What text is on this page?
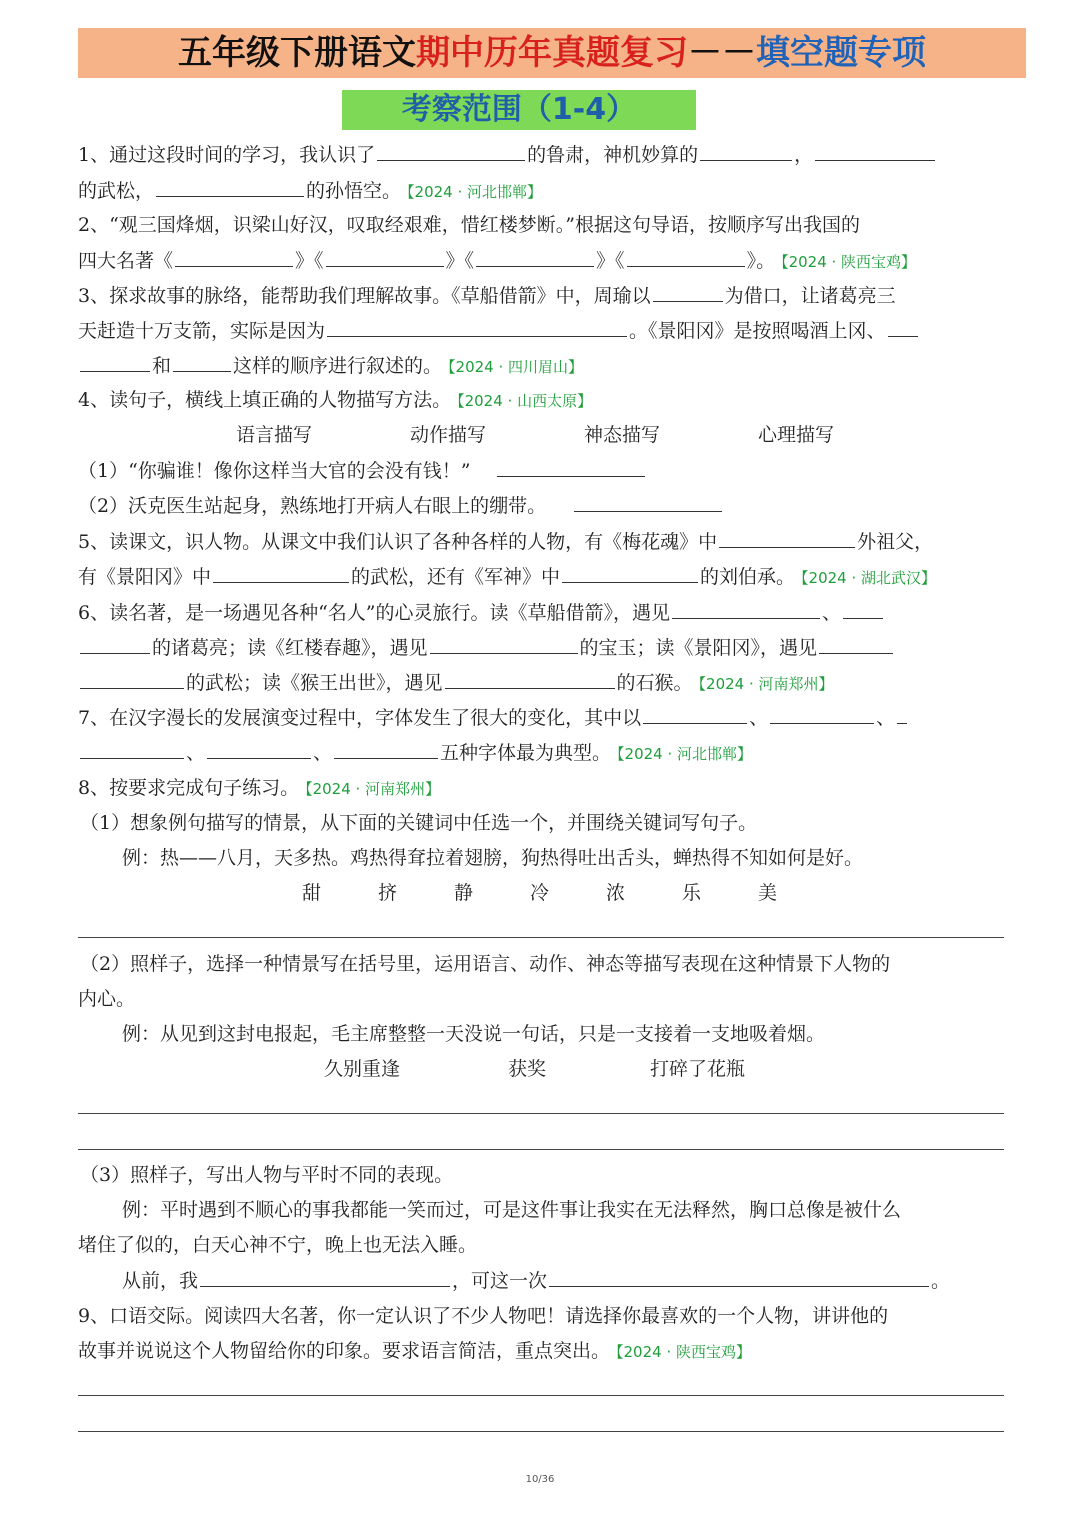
五年级下册语文期中历年真题复习－－填空题专项
考察范围（1-4）
1、通过这段时间的学习，我认识了	的鲁肃，神机妙算的	，
的武松，	的孙悟空。 【2024 · 河北邯郸】
2、“观三国烽烟，识梁山好汉，叹取经艰难，惜红楼梦断。”根据这句导语，按顺序写出我国的
四大名著《	》《	》《	》《	》。 【2024 · 陕西宝鸡】
3、探求故事的脉络，能帮助我们理解故事。《草船借箭》中，周瑜以	为借口，让诸葛亮三
天赶造十万支箭，实际是因为	。《景阳冈》是按照喝酒上冈、
和	这样的顺序进行叙述的。 【2024 · 四川眉山】
4、读句子，横线上填正确的人物描写方法。 【2024 · 山西太原】
语言描写	动作描写	神态描写	心理描写
（1）“你骗谁！像你这样当大官的会没有钱！”
（2）沃克医生站起身，熟练地打开病人右眼上的绷带。
5、读课文，识人物。从课文中我们认识了各种各样的人物，有《梅花魂》中	外祖父，
有《景阳冈》中	的武松，还有《军神》中	的刘伯承。 【2024 · 湖北武汉】
6、读名著，是一场遇见各种“名人”的心灵旅行。读《草船借箭》，遇见	、
的诸葛亮；读《红楼春趣》，遇见	的宝玉；读《景阳冈》，遇见
的武松；读《猴王出世》，遇见	的石猴。 【2024 · 河南郑州】
7、在汉字漫长的发展演变过程中，字体发生了很大的变化，其中以	、	、
、	、	五种字体最为典型。 【2024 · 河北邯郸】
8、按要求完成句子练习。 【2024 · 河南郑州】
（1）想象例句描写的情景，从下面的关键词中任选一个，并围绕关键词写句子。
例：热——八月，天多热。鸡热得耷拉着翅膀，狗热得吐出舌头，蝉热得不知如何是好。
甜	挤	静	冷	浓	乐	美
（2）照样子，选择一种情景写在括号里，运用语言、动作、神态等描写表现在这种情景下人物的
内心。
例：从见到这封电报起，毛主席整整一天没说一句话，只是一支接着一支地吸着烟。
久别重逢	获奖	打碎了花瓶
（3）照样子，写出人物与平时不同的表现。
例：平时遇到不顺心的事我都能一笑而过，可是这件事让我实在无法释然，胸口总像是被什么
堵住了似的，白天心神不宁，晚上也无法入睡。
从前，我	，可这一次	。
9、口语交际。阅读四大名著，你一定认识了不少人物吧！请选择你最喜欢的一个人物，讲讲他的
故事并说说这个人物留给你的印象。要求语言简洁，重点突出。 【2024 · 陕西宝鸡】
10/36
